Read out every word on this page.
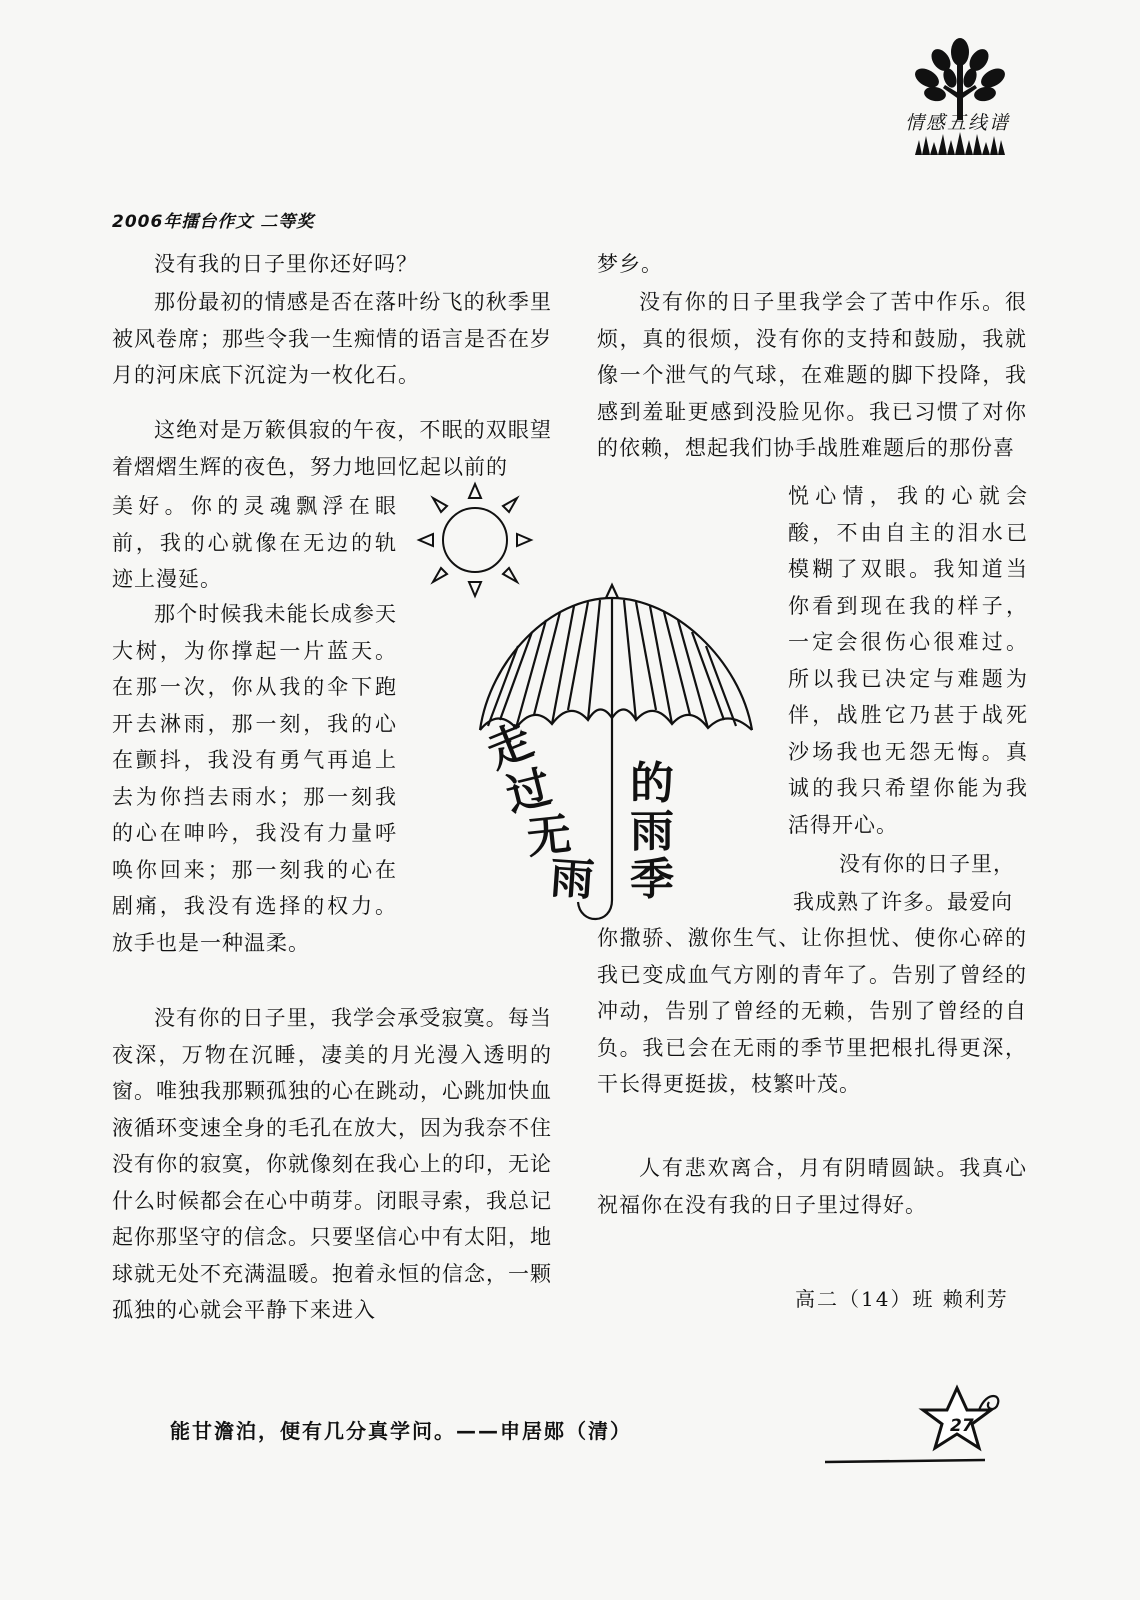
情感五线谱
2006年擂台作文 二等奖

没有我的日子里你还好吗？

那份最初的情感是否在落叶纷飞的秋季里被风卷席；那些令我一生痴情的语言是否在岁月的河床底下沉淀为一枚化石。

这绝对是万簌俱寂的午夜，不眠的双眼望着熠熠生辉的夜色，努力地回忆起以前的

美好。你的灵魂飘浮在眼前，我的心就像在无边的轨迹上漫延。

那个时候我未能长成参天大树，为你撑起一片蓝天。在那一次，你从我的伞下跑开去淋雨，那一刻，我的心在颤抖，我没有勇气再追上去为你挡去雨水；那一刻我的心在呻吟，我没有力量呼唤你回来；那一刻我的心在剧痛，我没有选择的权力。放手也是一种温柔。

没有你的日子里，我学会承受寂寞。每当夜深，万物在沉睡，凄美的月光漫入透明的窗。唯独我那颗孤独的心在跳动，心跳加快血液循环变速全身的毛孔在放大，因为我奈不住没有你的寂寞，你就像刻在我心上的印，无论什么时候都会在心中萌芽。闭眼寻索，我总记起你那坚守的信念。只要坚信心中有太阳，地球就无处不充满温暖。抱着永恒的信念，一颗孤独的心就会平静下来进入

走
过
无
雨
的
雨
季

梦乡。

没有你的日子里我学会了苦中作乐。很烦，真的很烦，没有你的支持和鼓励，我就像一个泄气的气球，在难题的脚下投降，我感到羞耻更感到没脸见你。我已习惯了对你的依赖，想起我们协手战胜难题后的那份喜

悦心情，我的心就会酸，不由自主的泪水已模糊了双眼。我知道当你看到现在我的样子，一定会很伤心很难过。所以我已决定与难题为伴，战胜它乃甚于战死沙场我也无怨无悔。真诚的我只希望你能为我活得开心。

没有你的日子里，

我成熟了许多。最爱向

你撒骄、激你生气、让你担忧、使你心碎的我已变成血气方刚的青年了。告别了曾经的冲动，告别了曾经的无赖，告别了曾经的自负。我已会在无雨的季节里把根扎得更深，干长得更挺拔，枝繁叶茂。

人有悲欢离合，月有阴晴圆缺。我真心祝福你在没有我的日子里过得好。

高二（14）班 赖利芳
能甘澹泊，便有几分真学问。——申居郧（清）	27
